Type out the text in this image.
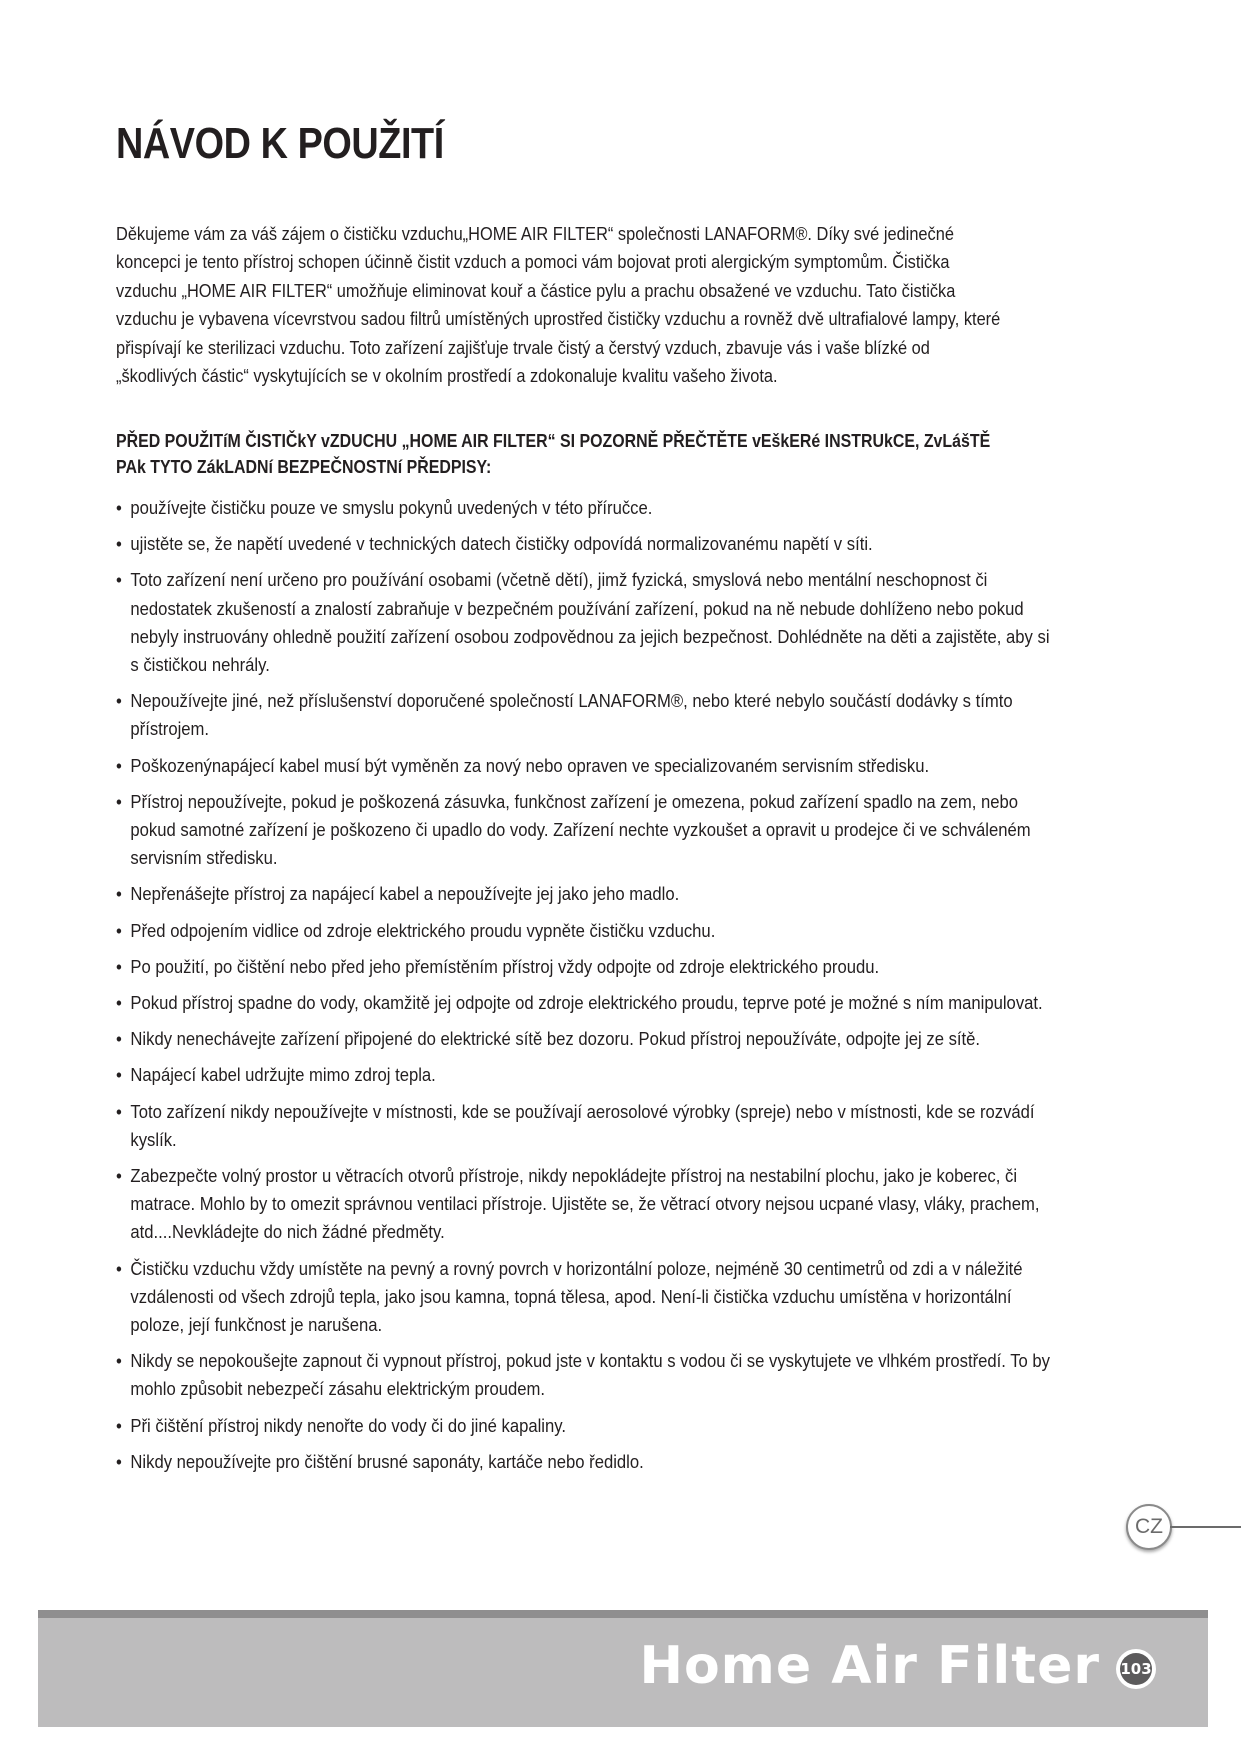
NÁVOD K POUŽITÍ

Děkujeme vám za váš zájem o čističku vzduchu„HOME AIR FILTER“ společnosti LANAFORM®. Díky své jedinečné koncepci je tento přístroj schopen účinně čistit vzduch a pomoci vám bojovat proti alergickým symptomům. Čistička vzduchu „HOME AIR FILTER“ umožňuje eliminovat kouř a částice pylu a prachu obsažené ve vzduchu. Tato čistička vzduchu je vybavena vícevrstvou sadou filtrů umístěných uprostřed čističky vzduchu a rovněž dvě ultrafialové lampy, které přispívají ke sterilizaci vzduchu. Toto zařízení zajišťuje trvale čistý a čerstvý vzduch, zbavuje vás i vaše blízké od „škodlivých částic“ vyskytujících se v okolním prostředí a zdokonaluje kvalitu vašeho života.

PŘED POUŽITíM ČISTIČkY vZDUCHU „HOME AIR FILTER“ SI POZORNĚ PŘEČTĚTE vEškERé INSTRUkCE, ZvLášTĚ PAk TYTO ZákLADNí BEZPEČNOSTNí PŘEDPISY:

• používejte čističku pouze ve smyslu pokynů uvedených v této příručce.
• ujistěte se, že napětí uvedené v technických datech čističky odpovídá normalizovanému napětí v síti.
• Toto zařízení není určeno pro používání osobami (včetně dětí), jimž fyzická, smyslová nebo mentální neschopnost či nedostatek zkušeností a znalostí zabraňuje v bezpečném používání zařízení, pokud na ně nebude dohlíženo nebo pokud nebyly instruovány ohledně použití zařízení osobou zodpovědnou za jejich bezpečnost. Dohlédněte na děti a zajistěte, aby si s čističkou nehrály.
• Nepoužívejte jiné, než příslušenství doporučené společností LANAFORM®, nebo které nebylo součástí dodávky s tímto přístrojem.
• Poškozenýnapájecí kabel musí být vyměněn za nový nebo opraven ve specializovaném servisním středisku.
• Přístroj nepoužívejte, pokud je poškozená zásuvka, funkčnost zařízení je omezena, pokud zařízení spadlo na zem, nebo pokud samotné zařízení je poškozeno či upadlo do vody. Zařízení nechte vyzkoušet a opravit u prodejce či ve schváleném servisním středisku.
• Nepřenášejte přístroj za napájecí kabel a nepoužívejte jej jako jeho madlo.
• Před odpojením vidlice od zdroje elektrického proudu vypněte čističku vzduchu.
• Po použití, po čištění nebo před jeho přemístěním přístroj vždy odpojte od zdroje elektrického proudu.
• Pokud přístroj spadne do vody, okamžitě jej odpojte od zdroje elektrického proudu, teprve poté je možné s ním manipulovat.
• Nikdy nenechávejte zařízení připojené do elektrické sítě bez dozoru. Pokud přístroj nepoužíváte, odpojte jej ze sítě.
• Napájecí kabel udržujte mimo zdroj tepla.
• Toto zařízení nikdy nepoužívejte v místnosti, kde se používají aerosolové výrobky (spreje) nebo v místnosti, kde se rozvádí kyslík.
• Zabezpečte volný prostor u větracích otvorů přístroje, nikdy nepokládejte přístroj na nestabilní plochu, jako je koberec, či matrace. Mohlo by to omezit správnou ventilaci přístroje. Ujistěte se, že větrací otvory nejsou ucpané vlasy, vláky, prachem, atd....Nevkládejte do nich žádné předměty.
• Čističku vzduchu vždy umístěte na pevný a rovný povrch v horizontální poloze, nejméně 30 centimetrů od zdi a v náležité vzdálenosti od všech zdrojů tepla, jako jsou kamna, topná tělesa, apod. Není-li čistička vzduchu umístěna v horizontální poloze, její funkčnost je narušena.
• Nikdy se nepokoušejte zapnout či vypnout přístroj, pokud jste v kontaktu s vodou či se vyskytujete ve vlhkém prostředí. To by mohlo způsobit nebezpečí zásahu elektrickým proudem.
• Při čištění přístroj nikdy nenořte do vody či do jiné kapaliny.
• Nikdy nepoužívejte pro čištění brusné saponáty, kartáče nebo ředidlo.
CZ

Home Air Filter 103
